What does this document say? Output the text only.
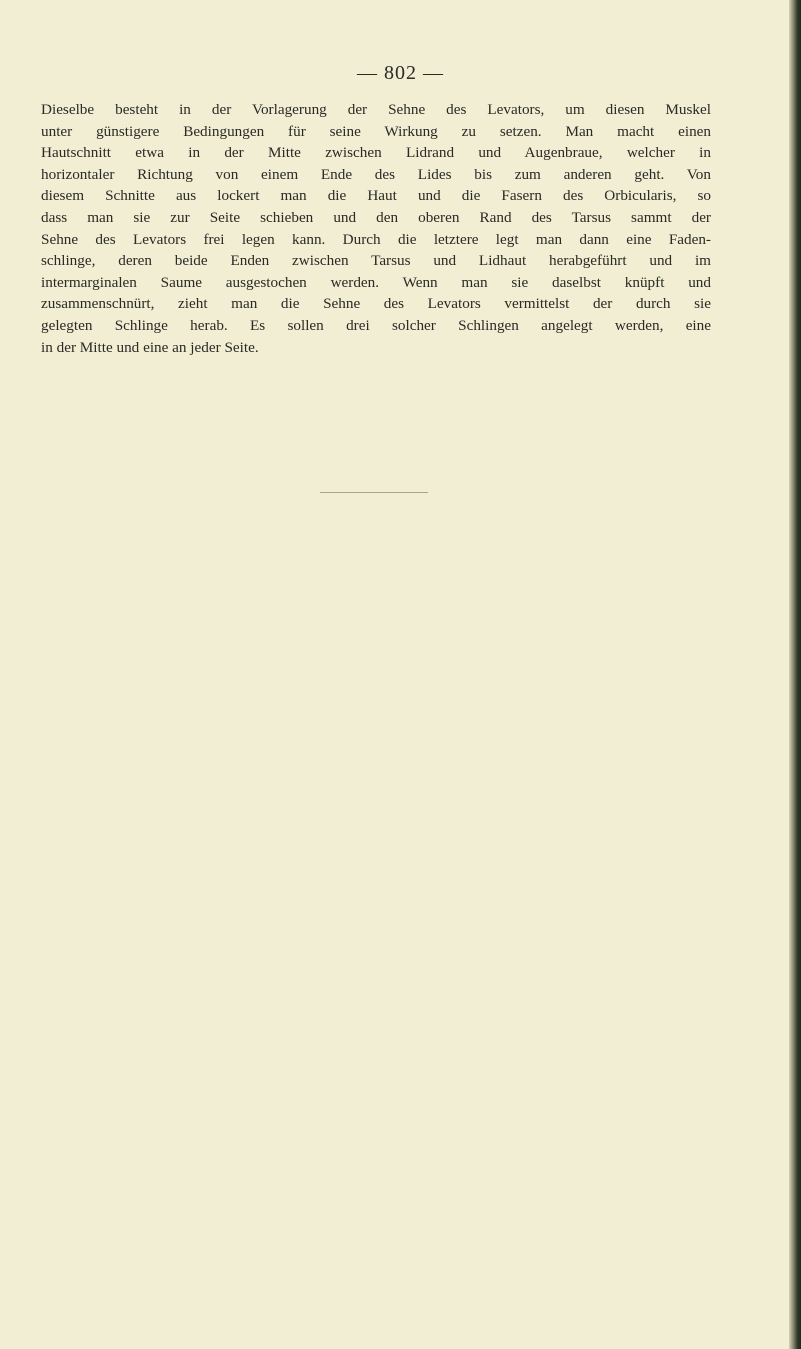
— 802 —
Dieselbe besteht in der Vorlagerung der Sehne des Levators, um diesen Muskel
unter günstigere Bedingungen für seine Wirkung zu setzen. Man macht einen
Hautschnitt etwa in der Mitte zwischen Lidrand und Augenbraue, welcher in
horizontaler Richtung von einem Ende des Lides bis zum anderen geht. Von
diesem Schnitte aus lockert man die Haut und die Fasern des Orbicularis, so
dass man sie zur Seite schieben und den oberen Rand des Tarsus sammt der
Sehne des Levators frei legen kann. Durch die letztere legt man dann eine Faden-
schlinge, deren beide Enden zwischen Tarsus und Lidhaut herabgeführt und im
intermarginalen Saume ausgestochen werden. Wenn man sie daselbst knüpft und
zusammenschnürt, zieht man die Sehne des Levators vermittelst der durch sie
gelegten Schlinge herab. Es sollen drei solcher Schlingen angelegt werden, eine
in der Mitte und eine an jeder Seite.
